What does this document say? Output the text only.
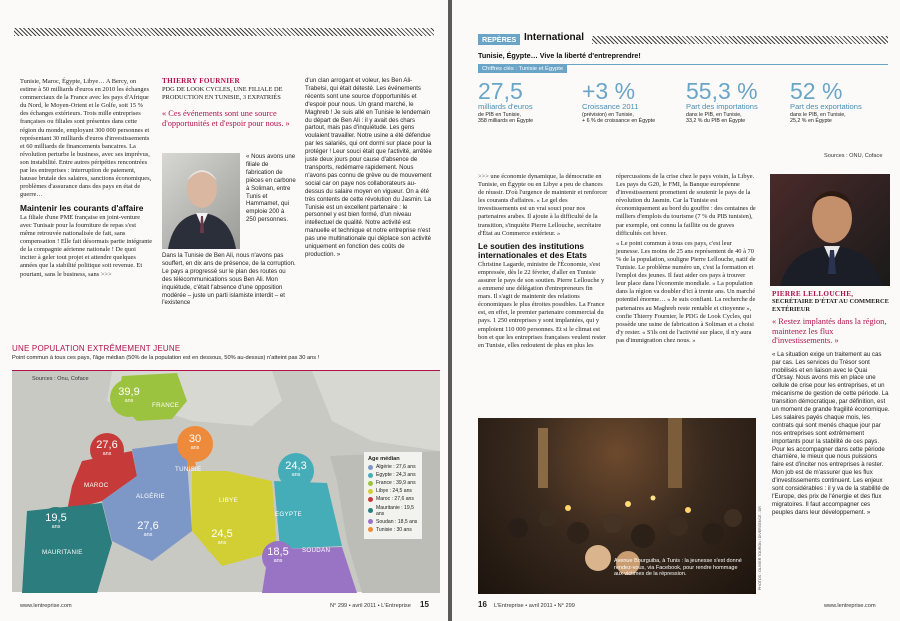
Tunisie, Maroc, Égypte, Libye… A Bercy, on estime à 50 milliards d'euros en 2010 les échanges commerciaux de la France avec les pays d'Afrique du Nord, le Moyen-Orient et le Golfe, soit 15 % des échanges extérieurs. Trois mille entreprises françaises ou filiales sont présentes dans cette région du monde, employant 300 000 personnes et représentant 30 milliards d'euros d'investissements et 60 milliards de financements bancaires. La révolution perturbe le business, avec ses imprévus, son instabilité. Entre autres péripéties rencontrées par les entreprises : interruption de paiement, hausse brutale des salaires, sanctions économiques, problèmes d'assurance dans des pays en état de guerre…

Maintenir les courants d'affaire

La filiale d'une PME française en joint-venture avec Tunisair pour la fourniture de repas s'est même retrouvée nationalisée de fait, sans compensation ! Elle fait désormais partie intégrante de la compagnie aérienne nationale ! De quoi inciter à geler tout projet et attendre quelques années que la stabilité politique soit revenue. Et pourtant, sans le business, sans >>>

THIERRY FOURNIER
PDG DE LOOK CYCLES, UNE FILIALE DE PRODUCTION EN TUNISIE, 3 EXPATRIÉS
« Ces événements sont une source d'opportunités et d'espoir pour nous. »
« Nous avons une filiale de fabrication de pièces en carbone à Soliman, entre Tunis et Hammamet, qui emploie 200 à 250 personnes.
Dans la Tunisie de Ben Ali, nous n'avons pas souffert, en dix ans de présence, de la corruption. Le pays a progressé sur le plan des routes ou des télécommunications sous Ben Ali. Mon inquiétude, c'était l'absence d'une opposition modérée – juste un parti islamiste interdit – et l'existence
d'un clan arrogant et voleur, les Ben Ali-Trabelsi, qui était détesté. Les événements récents sont une source d'opportunités et d'espoir pour nous. Un grand marché, le Maghreb ! Je suis allé en Tunisie le lendemain du départ de Ben Ali : il y avait des chars partout, mais pas d'inquiétude. Les gens voulaient travailler. Notre usine a été défendue par les salariés, qui ont dormi sur place pour la protéger ! Leur souci était que l'activité, arrêtée juste deux jours pour cause d'absence de transports, redémarre rapidement. Nous n'avons pas connu de grève ou de mouvement social car on paye nos collaborateurs au-dessus du salaire moyen en vigueur. On a été très contents de cette révolution du Jasmin. La Tunisie est un excellent partenaire : le personnel y est bien formé, d'un niveau intellectuel de qualité. Notre activité est manuelle et technique et notre entreprise n'est pas une multinationale qui déplace son activité uniquement en fonction des coûts de production. »
UNE POPULATION EXTRÊMEMENT JEUNE
Point commun à tous ces pays, l'âge médian (50% de la population est en dessous, 50% au-dessus) n'atteint pas 30 ans !
Sources : Onu, Coface
FRANCE
MAROC
ALGÉRIE
TUNISIE
LIBYE
EGYPTE
SOUDAN
MAURITANIE
39,9
ans
27,6
ans
30
ans
27,6
ans
19,5
ans
24,5
ans
24,3
ans
18,5
ans
Age médian
Algérie : 27,6 ans
Egypte : 24,3 ans
France : 39,9 ans
Libye : 24,5 ans
Maroc : 27,6 ans
Mauritanie : 19,5 ans
Soudan : 18,5 ans
Tunisie : 30 ans
www.lentreprise.com	N° 299 • avril 2011 • L'Entreprise 15
REPÈRES International
Tunisie, Égypte… Vive la liberté d'entreprendre!
Chiffres clés : Tunisie et Égypte
27,5
milliards d'euros
de PIB en Tunisie,
358 milliards en Égypte
+3 %
Croissance 2011
(prévision) en Tunisie,
+ 6 % de croissance en Égypte
55,3 %
Part des importations
dans le PIB, en Tunisie,
33,2 % du PIB en Égypte
52 %
Part des exportations
dans le PIB, en Tunisie,
25,2 % en Égypte
Sources : ONU, Coface

>>> une économie dynamique, la démocratie en Tunisie, en Égypte ou en Libye a peu de chances de réussir. D'où l'urgence de maintenir et renforcer les courants d'affaires. « Le gel des investissements est un vrai souci pour nos partenaires arabes. Il ajoute à la difficulté de la transition, s'inquiète Pierre Lellouche, secrétaire d'État au Commerce extérieur. »

Le soutien des institutions internationales et des Etats

Christine Lagarde, ministre de l'Économie, s'est empressée, dès le 22 février, d'aller en Tunisie assurer le pays de son soutien. Pierre Lellouche y a emmené une délégation d'entrepreneurs fin mars. Il s'agit de maintenir des relations économiques le plus étroites possibles. La France est, en effet, le premier partenaire commercial du pays. 1 250 entreprises y sont implantées, qui y emploient 110 000 personnes. Et si le climat est bon et que les entreprises françaises veulent rester en Tunisie, elles redoutent de plus en plus les

répercussions de la crise chez le pays voisin, la Libye. Les pays du G20, le FMI, la Banque européenne d'investissement promettent de soutenir le pays de la révolution du Jasmin. Car la Tunisie est économiquement au bord du gouffre : des centaines de milliers d'emplois du tourisme (7 % du PIB tunisien), par exemple, ont connu la faillite ou de graves difficultés cet hiver.

« Le point commun à tous ces pays, c'est leur jeunesse. Les moins de 25 ans représentent de 40 à 70 % de la population, souligne Pierre Lellouche, natif de Tunisie. Le problème numéro un, c'est la formation et l'emploi des jeunes. Il faut aider ces pays à trouver leur place dans l'économie mondiale. » La population dans la région va doubler d'ici à trente ans. Un marché potentiel énorme… « Je suis confiant. La recherche de partenaires au Maghreb reste rentable et citoyenne », confie Thierry Fournier, le PDG de Look Cycles, qui possède une usine de fabrication à Soliman et a choisi d'y rester. « S'ils ont de l'activité sur place, il n'y aura pas d'immigration chez nous. »

Avenue Bourguiba, à Tunis : la jeunesse s'est donné rendez-vous, via Facebook, pour rendre hommage aux victimes de la répression.	PHOTOS : OLIVIER TOURON / DIVERGENCE - DR
PIERRE LELLOUCHE,
SECRÉTAIRE D'ÉTAT AU COMMERCE EXTÉRIEUR
« Restez implantés dans la région, maintenez les flux d'investissements. »
« La situation exige un traitement au cas par cas. Les services du Trésor sont mobilisés et en liaison avec le Quai d'Orsay. Nous avons mis en place une cellule de crise pour les entreprises, et un mécanisme de gestion de cette période. La transition démocratique, par définition, est un moment de grande fragilité économique. Les salaires payés chaque mois, les contrats qui sont menés chaque jour par nos entreprises sont extrêmement importants pour la stabilité de ces pays. Pour les accompagner dans cette période charnière, le mieux que nous puissions faire est d'inciter nos entreprises à rester. Mon job est de m'assurer que les flux d'investissements continuent. Les enjeux sont considérables : il y va de la stabilité de l'Europe, des prix de l'énergie et des flux migratoires. Il faut accompagner ces peuples dans leur développement. »
16 L'Entreprise • avril 2011 • N° 299	www.lentreprise.com
